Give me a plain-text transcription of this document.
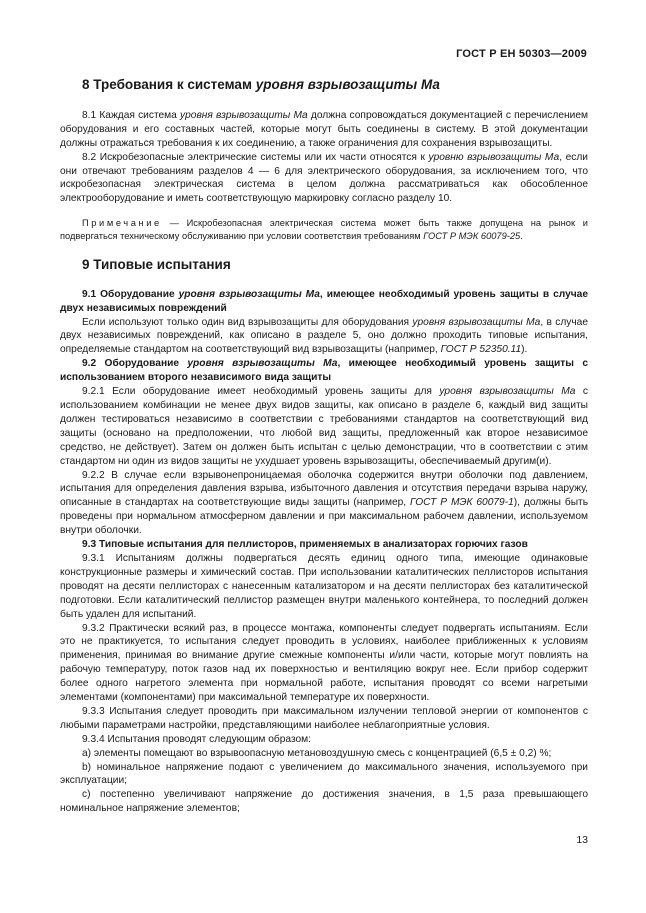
ГОСТ Р ЕН 50303—2009
8 Требования к системам уровня взрывозащиты Ма

8.1 Каждая система уровня взрывозащиты Ма должна сопровождаться документацией с перечислением оборудования и его составных частей, которые могут быть соединены в систему. В этой документации должны отражаться требования к их соединению, а также ограничения для сохранения взрывозащиты.

8.2 Искробезопасные электрические системы или их части относятся к уровню взрывозащиты Ма, если они отвечают требованиям разделов 4 — 6 для электрического оборудования, за исключением того, что искробезопасная электрическая система в целом должна рассматриваться как обособленное электрооборудование и иметь соответствующую маркировку согласно разделу 10.

Примечание — Искробезопасная электрическая система может быть также допущена на рынок и подвергаться техническому обслуживанию при условии соответствия требованиям ГОСТ Р МЭК 60079-25.

9 Типовые испытания

9.1 Оборудование уровня взрывозащиты Ма, имеющее необходимый уровень защиты в случае двух независимых повреждений

Если используют только один вид взрывозащиты для оборудования уровня взрывозащиты Ма, в случае двух независимых повреждений, как описано в разделе 5, оно должно проходить типовые испытания, определяемые стандартом на соответствующий вид взрывозащиты (например, ГОСТ Р 52350.11).

9.2 Оборудование уровня взрывозащиты Ма, имеющее необходимый уровень защиты с использованием второго независимого вида защиты

9.2.1 Если оборудование имеет необходимый уровень защиты для уровня взрывозащиты Ма с использованием комбинации не менее двух видов защиты, как описано в разделе 6, каждый вид защиты должен тестироваться независимо в соответствии с требованиями стандартов на соответствующий вид защиты (основано на предположении, что любой вид защиты, предложенный как второе независимое средство, не действует). Затем он должен быть испытан с целью демонстрации, что в соответствии с этим стандартом ни один из видов защиты не ухудшает уровень взрывозащиты, обеспечиваемый другим(и).

9.2.2 В случае если взрывонепроницаемая оболочка содержится внутри оболочки под давлением, испытания для определения давления взрыва, избыточного давления и отсутствия передачи взрыва наружу, описанные в стандартах на соответствующие виды защиты (например, ГОСТ Р МЭК 60079-1), должны быть проведены при нормальном атмосферном давлении и при максимальном рабочем давлении, используемом внутри оболочки.

9.3 Типовые испытания для пеллисторов, применяемых в анализаторах горючих газов

9.3.1 Испытаниям должны подвергаться десять единиц одного типа, имеющие одинаковые конструкционные размеры и химический состав. При использовании каталитических пеллисторов испытания проводят на десяти пеллисторах с нанесенным катализатором и на десяти пеллисторах без каталитической подготовки. Если каталитический пеллистор размещен внутри маленького контейнера, то последний должен быть удален для испытаний.

9.3.2 Практически всякий раз, в процессе монтажа, компоненты следует подвергать испытаниям. Если это не практикуется, то испытания следует проводить в условиях, наиболее приближенных к условиям применения, принимая во внимание другие смежные компоненты и/или части, которые могут повлиять на рабочую температуру, поток газов над их поверхностью и вентиляцию вокруг нее. Если прибор содержит более одного нагретого элемента при нормальной работе, испытания проводят со всеми нагретыми элементами (компонентами) при максимальной температуре их поверхности.

9.3.3 Испытания следует проводить при максимальном излучении тепловой энергии от компонентов с любыми параметрами настройки, представляющими наиболее неблагоприятные условия.

9.3.4 Испытания проводят следующим образом:

а) элементы помещают во взрывоопасную метановоздушную смесь с концентрацией (6,5 ± 0,2) %;

b) номинальное напряжение подают с увеличением до максимального значения, используемого при эксплуатации;

с) постепенно увеличивают напряжение до достижения значения, в 1,5 раза превышающего номинальное напряжение элементов;

13
